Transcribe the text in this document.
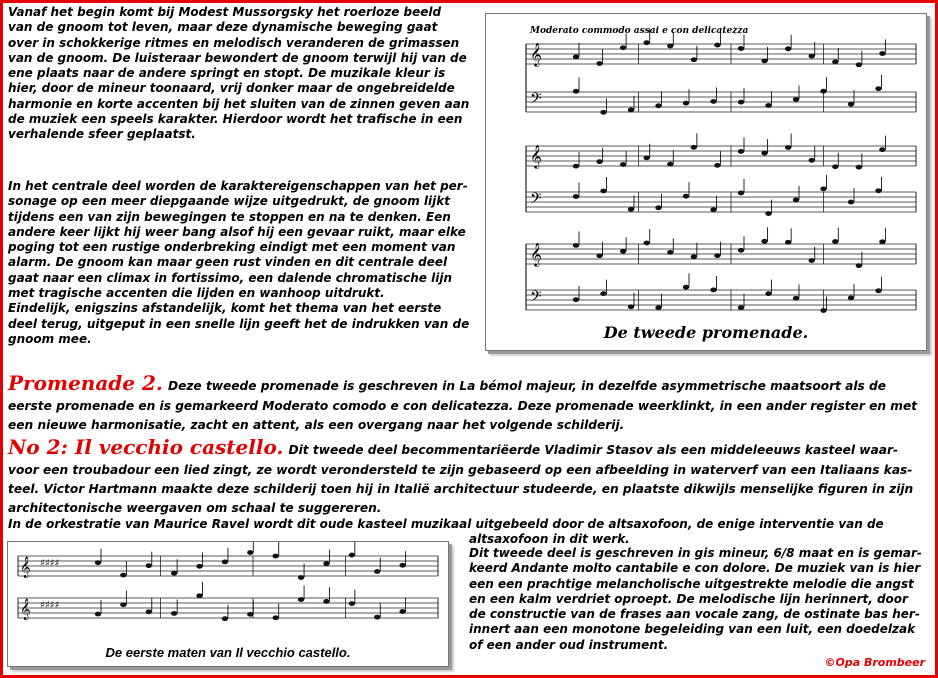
Vanaf het begin komt bij Modest Mussorgsky het roerloze beeld
van de gnoom tot leven, maar deze dynamische beweging gaat
over in schokkerige ritmes en melodisch veranderen de grimassen
van de gnoom. De luisteraar bewondert de gnoom terwijl hij van de
ene plaats naar de andere springt en stopt. De muzikale kleur is
hier, door de mineur toonaard, vrij donker maar de ongebreidelde
harmonie en korte accenten bij het sluiten van de zinnen geven aan
de muziek een speels karakter. Hierdoor wordt het trafische in een
verhalende sfeer geplaatst.

In het centrale deel worden de karaktereigenschappen van het per-
sonage op een meer diepgaande wijze uitgedrukt, de gnoom lijkt
tijdens een van zijn bewegingen te stoppen en na te denken. Een
andere keer lijkt hij weer bang alsof hij een gevaar ruikt, maar elke
poging tot een rustige onderbreking eindigt met een moment van
alarm. De gnoom kan maar geen rust vinden en dit centrale deel
gaat naar een climax in fortissimo, een dalende chromatische lijn
met tragische accenten die lijden en wanhoop uitdrukt.
Eindelijk, enigszins afstandelijk, komt het thema van het eerste
deel terug, uitgeput in een snelle lijn geeft het de indrukken van de
gnoom mee.

𝄞
𝄢
𝄞
𝄢
𝄞
𝄢
Moderato commodo assai e con delicatezza
De tweede promenade.

Promenade 2. Deze tweede promenade is geschreven in La bémol majeur, in dezelfde asymmetrische maatsoort als de eerste promenade en is gemarkeerd Moderato comodo e con delicatezza. Deze promenade weerklinkt, in een ander register en met een nieuwe harmonisatie, zacht en attent, als een overgang naar het volgende schilderij.

No 2: Il vecchio castello. Dit tweede deel becommentariëerde Vladimir Stasov als een middeleeuws kasteel waar-voor een troubadour een lied zingt, ze wordt verondersteld te zijn gebaseerd op een afbeelding in waterverf van een Italiaans kas-teel. Victor Hartmann maakte deze schilderij toen hij in Italië architectuur studeerde, en plaatste dikwijls menselijke figuren in zijn architectonische weergaven om schaal te suggereren.

In de orkestratie van Maurice Ravel wordt dit oude kasteel muzikaal uitgebeeld door de altsaxofoon, de enige interventie van de

altsaxofoon in dit werk.

𝄞 ♯♯♯♯
𝄞 ♯♯♯♯
De eerste maten van Il vecchio castello.

Dit tweede deel is geschreven in gis mineur, 6/8 maat en is gemar-
keerd Andante molto cantabile e con dolore. De muziek van is hier
een een prachtige melancholische uitgestrekte melodie die angst
en een kalm verdriet oproept. De melodische lijn herinnert, door
de constructie van de frases aan vocale zang, de ostinate bas her-
innert aan een monotone begeleiding van een luit, een doedelzak
of een ander oud instrument.

©Opa Brombeer
